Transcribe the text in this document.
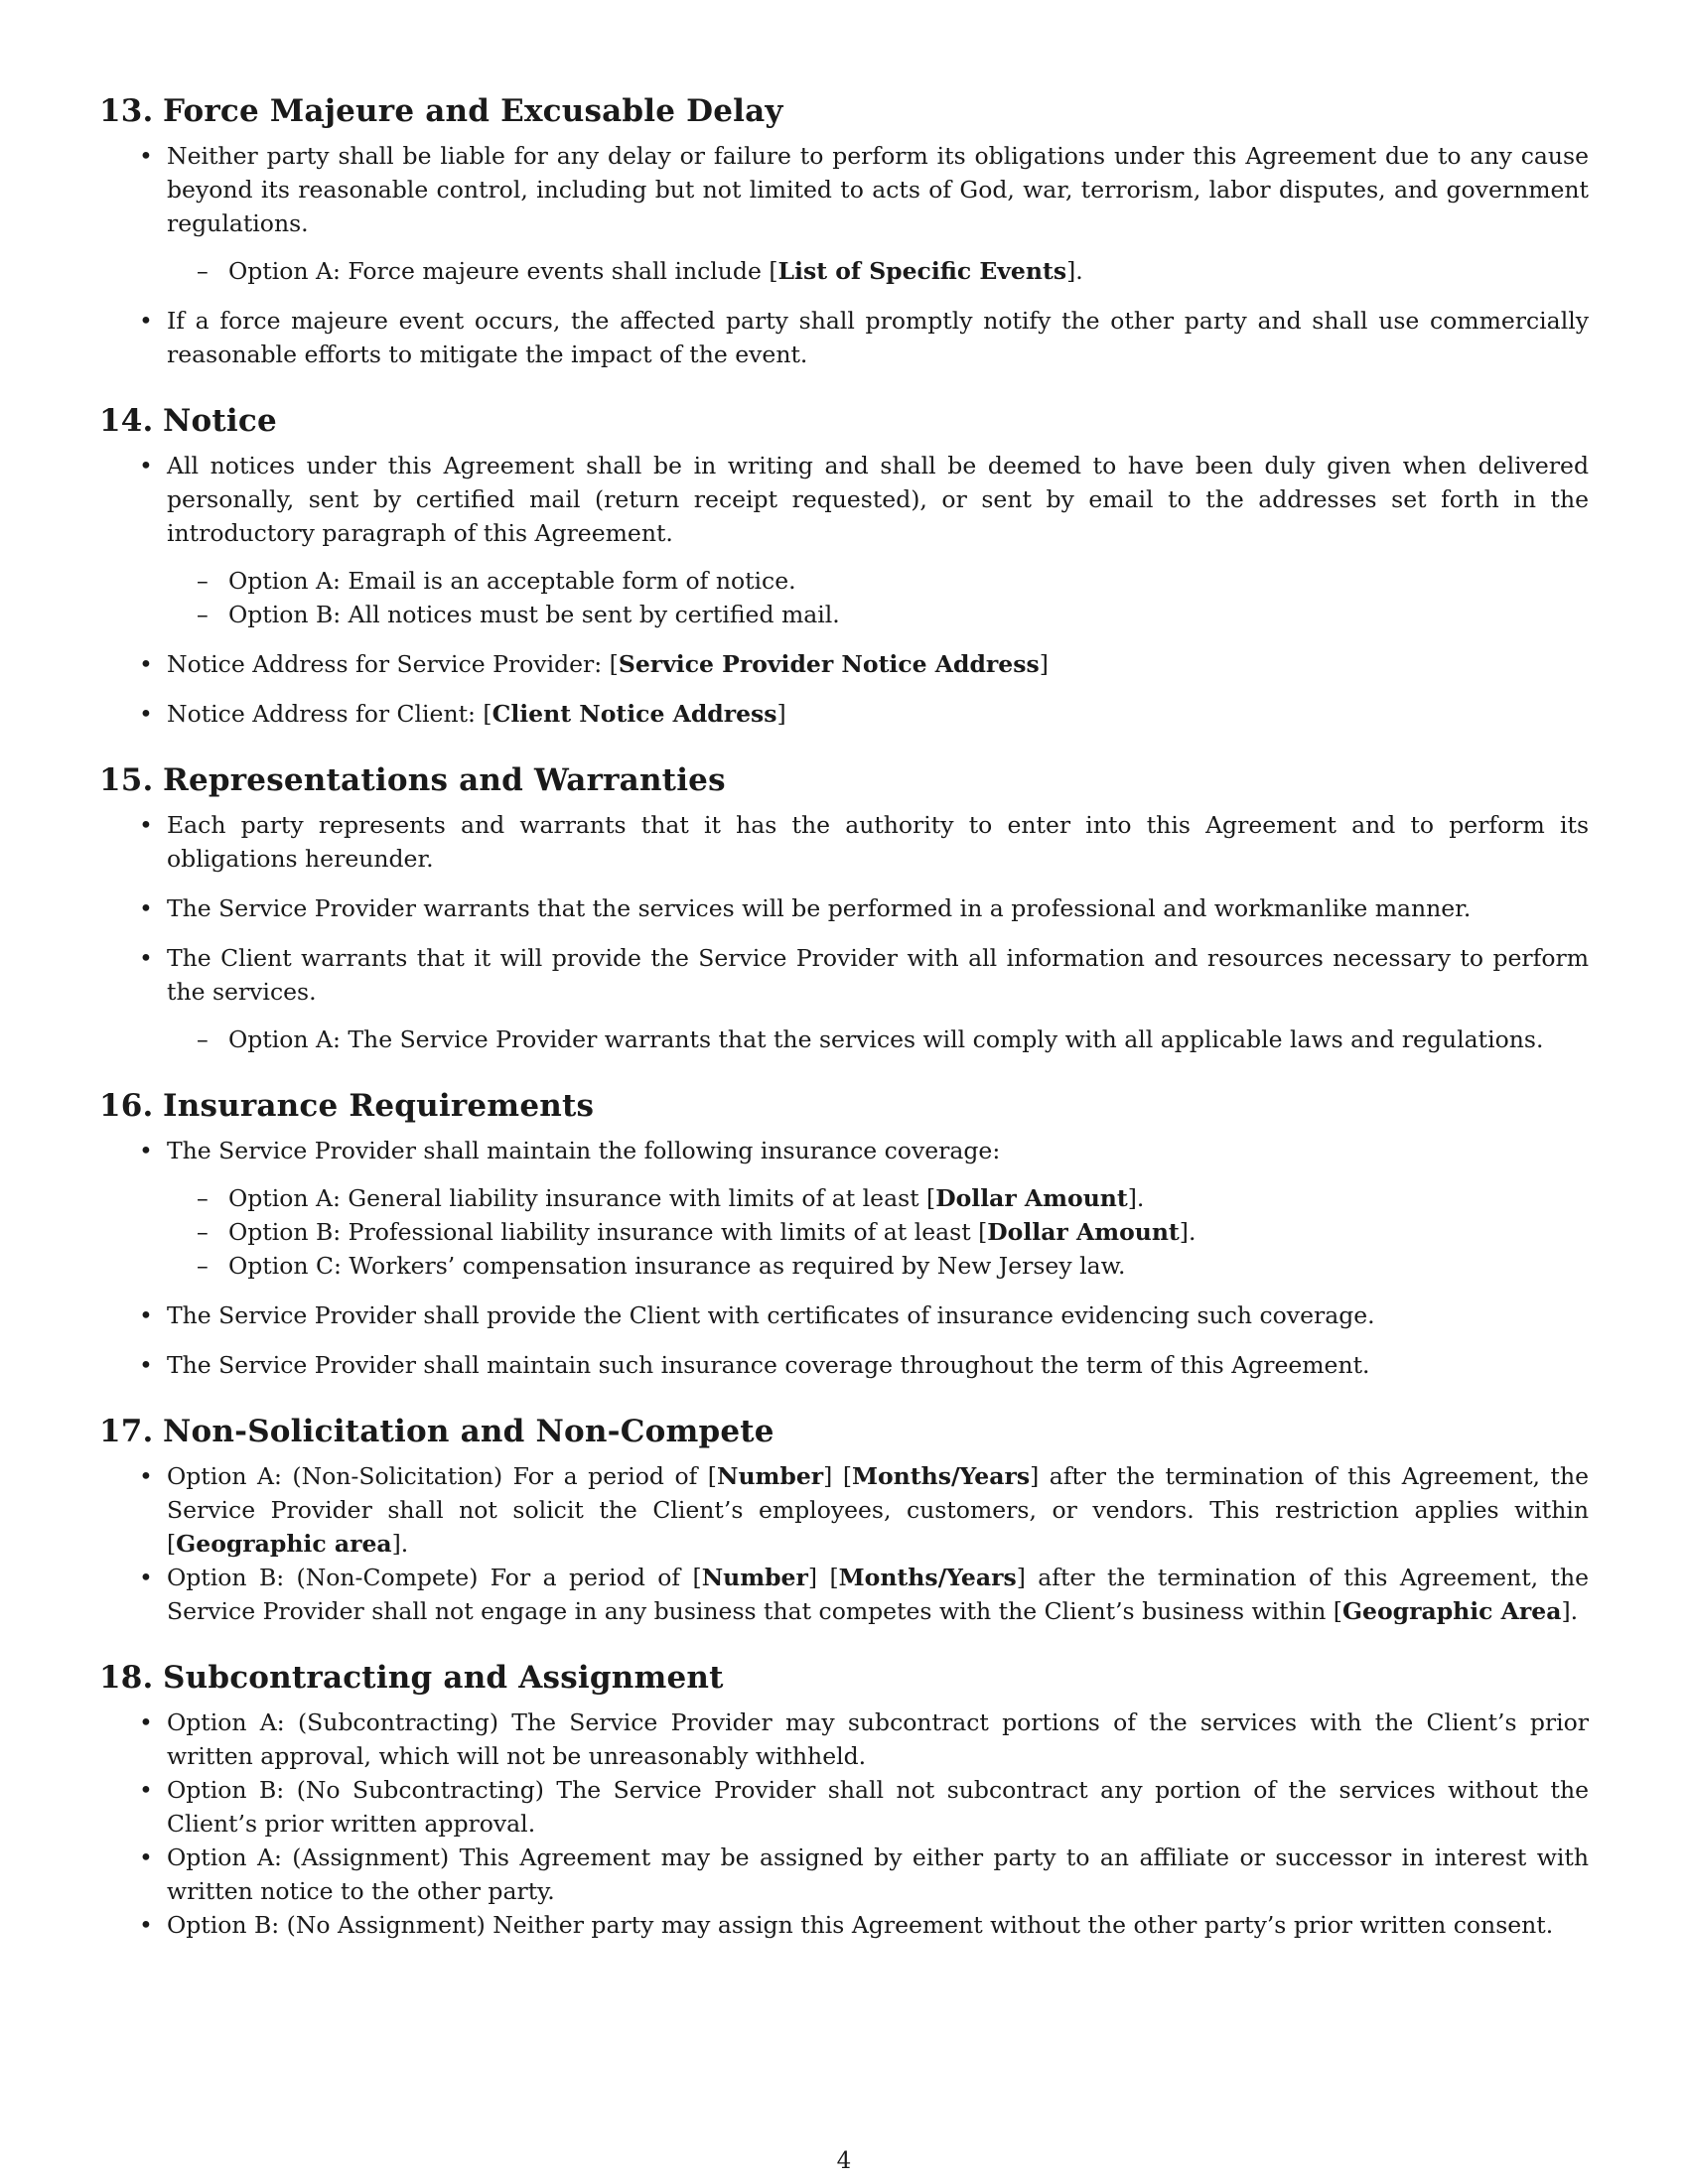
13. Force Majeure and Excusable Delay
• Neither party shall be liable for any delay or failure to perform its obligations under this Agreement due to any cause beyond its reasonable control, including but not limited to acts of God, war, terrorism, labor disputes, and government regulations.
– Option A: Force majeure events shall include [List of Specific Events].
• If a force majeure event occurs, the affected party shall promptly notify the other party and shall use commercially reasonable efforts to mitigate the impact of the event.
14. Notice
• All notices under this Agreement shall be in writing and shall be deemed to have been duly given when delivered personally, sent by certified mail (return receipt requested), or sent by email to the addresses set forth in the introductory paragraph of this Agreement.
– Option A: Email is an acceptable form of notice.
– Option B: All notices must be sent by certified mail.
• Notice Address for Service Provider: [Service Provider Notice Address]
• Notice Address for Client: [Client Notice Address]
15. Representations and Warranties
• Each party represents and warrants that it has the authority to enter into this Agreement and to perform its obligations hereunder.
• The Service Provider warrants that the services will be performed in a professional and workmanlike manner.
• The Client warrants that it will provide the Service Provider with all information and resources necessary to perform the services.
– Option A: The Service Provider warrants that the services will comply with all applicable laws and regulations.
16. Insurance Requirements
• The Service Provider shall maintain the following insurance coverage:
– Option A: General liability insurance with limits of at least [Dollar Amount].
– Option B: Professional liability insurance with limits of at least [Dollar Amount].
– Option C: Workers’ compensation insurance as required by New Jersey law.
• The Service Provider shall provide the Client with certificates of insurance evidencing such coverage.
• The Service Provider shall maintain such insurance coverage throughout the term of this Agreement.
17. Non-Solicitation and Non-Compete
• Option A: (Non-Solicitation) For a period of [Number] [Months/Years] after the termination of this Agreement, the Service Provider shall not solicit the Client’s employees, customers, or vendors. This restriction applies within [Geographic area].
• Option B: (Non-Compete) For a period of [Number] [Months/Years] after the termination of this Agreement, the Service Provider shall not engage in any business that competes with the Client’s business within [Geographic Area].
18. Subcontracting and Assignment
• Option A: (Subcontracting) The Service Provider may subcontract portions of the services with the Client’s prior written approval, which will not be unreasonably withheld.
• Option B: (No Subcontracting) The Service Provider shall not subcontract any portion of the services without the Client’s prior written approval.
• Option A: (Assignment) This Agreement may be assigned by either party to an affiliate or successor in interest with written notice to the other party.
• Option B: (No Assignment) Neither party may assign this Agreement without the other party’s prior written consent.
4
